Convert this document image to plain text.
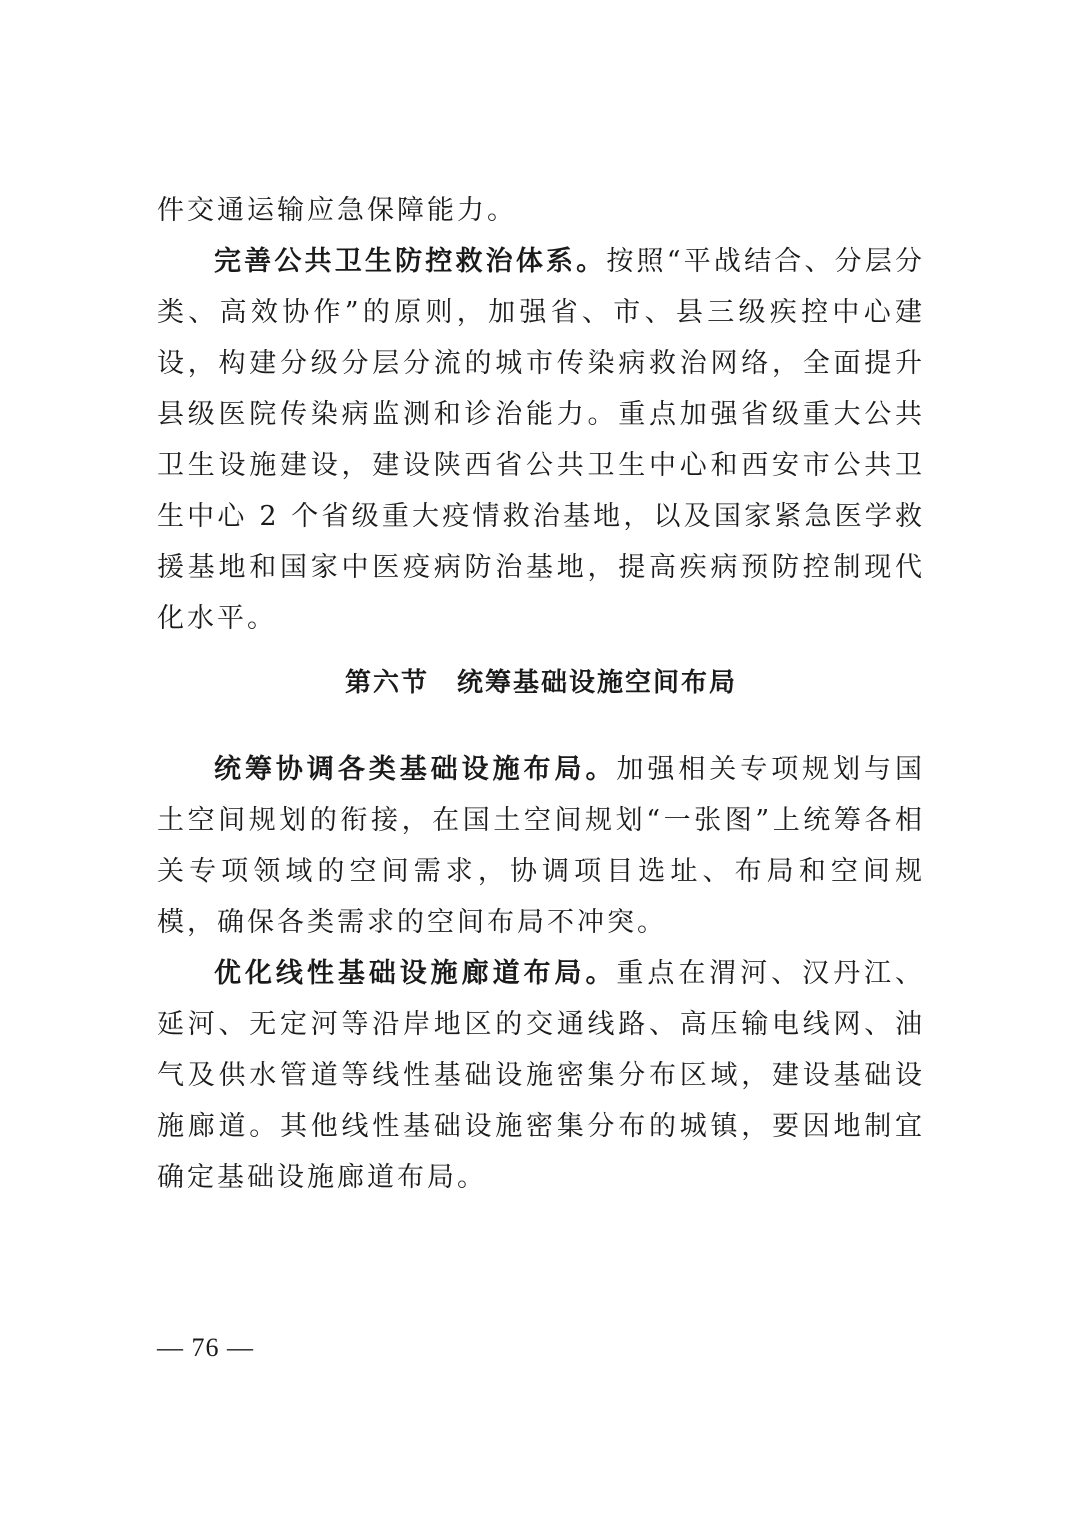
件交通运输应急保障能力。

完善公共卫生防控救治体系。按照“平战结合、分层分类、高效协作”的原则，加强省、市、县三级疾控中心建设，构建分级分层分流的城市传染病救治网络，全面提升县级医院传染病监测和诊治能力。重点加强省级重大公共卫生设施建设，建设陕西省公共卫生中心和西安市公共卫生中心 2 个省级重大疫情救治基地，以及国家紧急医学救援基地和国家中医疫病防治基地，提高疾病预防控制现代化水平。

第六节 统筹基础设施空间布局

统筹协调各类基础设施布局。加强相关专项规划与国土空间规划的衔接，在国土空间规划“一张图”上统筹各相关专项领域的空间需求，协调项目选址、布局和空间规模，确保各类需求的空间布局不冲突。

优化线性基础设施廊道布局。重点在渭河、汉丹江、延河、无定河等沿岸地区的交通线路、高压输电线网、油气及供水管道等线性基础设施密集分布区域，建设基础设施廊道。其他线性基础设施密集分布的城镇，要因地制宜确定基础设施廊道布局。

— 76 —
